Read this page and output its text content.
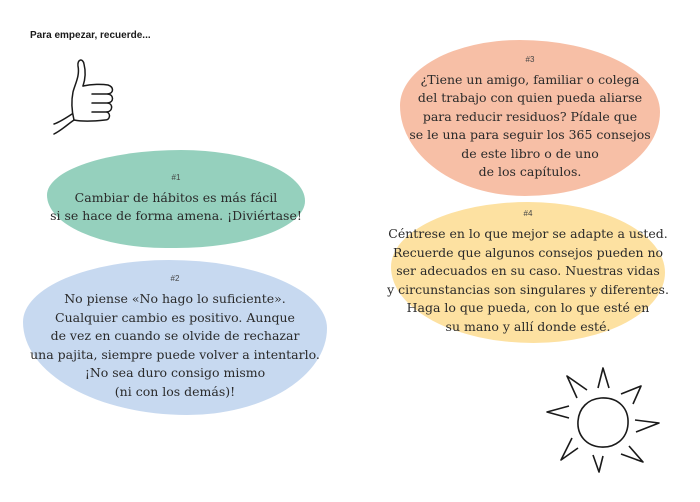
Para empezar, recuerde...
#1
Cambiar de hábitos es más fácil
si se hace de forma amena. ¡Diviértase!
#2
No piense «No hago lo suficiente».
Cualquier cambio es positivo. Aunque
de vez en cuando se olvide de rechazar
una pajita, siempre puede volver a intentarlo.
¡No sea duro consigo mismo
(ni con los demás)!
#3
¿Tiene un amigo, familiar o colega
del trabajo con quien pueda aliarse
para reducir residuos? Pídale que
se le una para seguir los 365 consejos
de este libro o de uno
de los capítulos.
#4
Céntrese en lo que mejor se adapte a usted.
Recuerde que algunos consejos pueden no
ser adecuados en su caso. Nuestras vidas
y circunstancias son singulares y diferentes.
Haga lo que pueda, con lo que esté en
su mano y allí donde esté.
